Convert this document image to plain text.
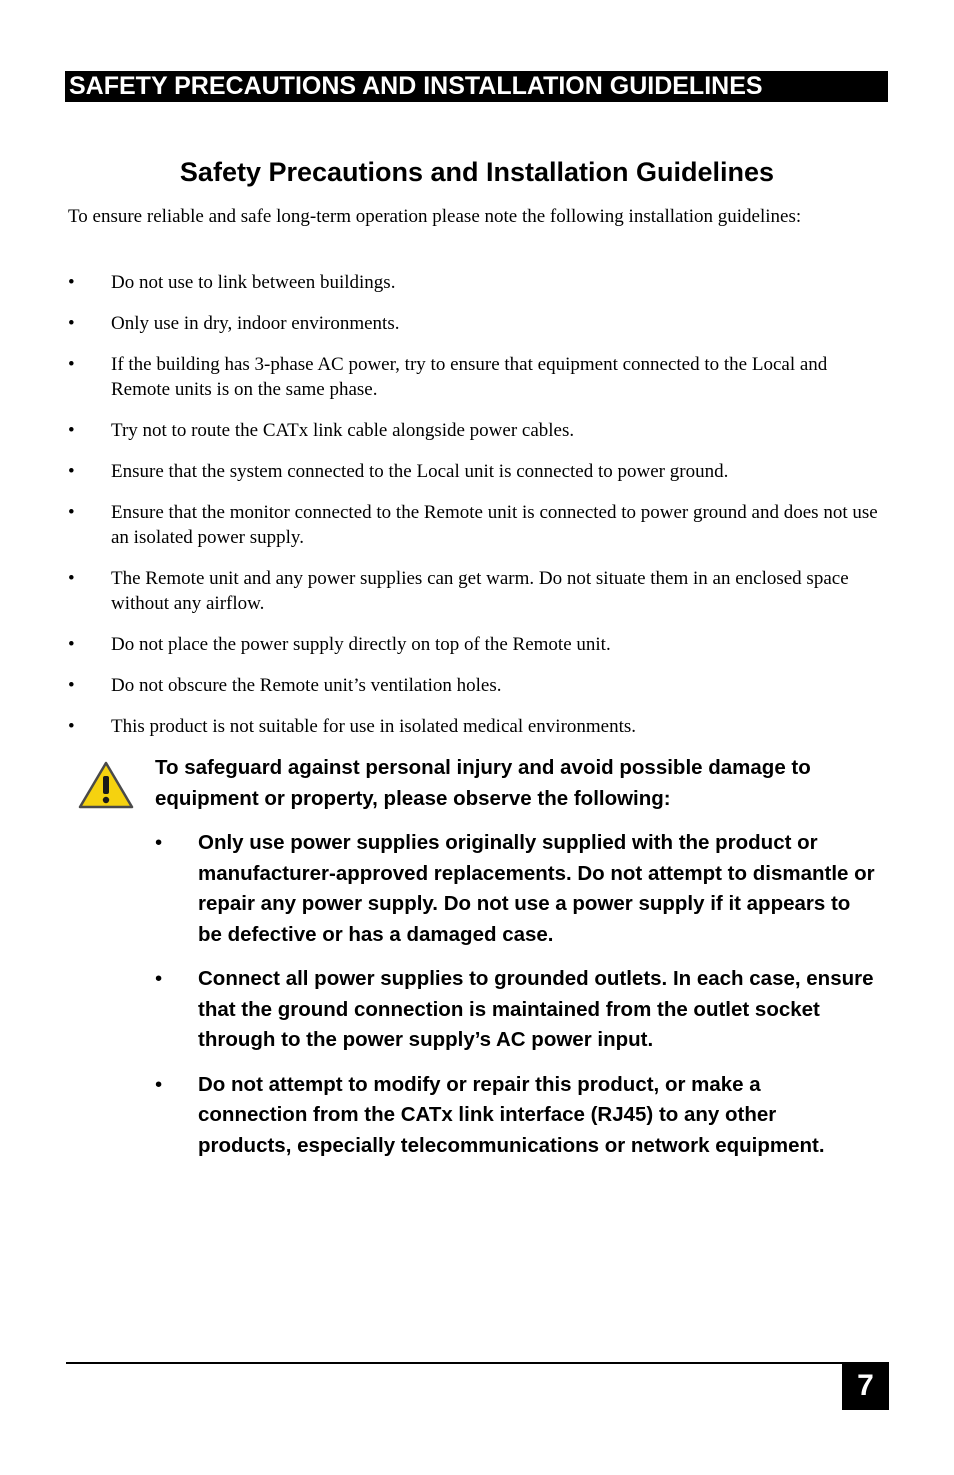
SAFETY PRECAUTIONS AND INSTALLATION GUIDELINES
Safety Precautions and Installation Guidelines

To ensure reliable and safe long-term operation please note the following installation guidelines:

• Do not use to link between buildings.
• Only use in dry, indoor environments.
• If the building has 3-phase AC power, try to ensure that equipment connected to the Local and Remote units is on the same phase.
• Try not to route the CATx link cable alongside power cables.
• Ensure that the system connected to the Local unit is connected to power ground.
• Ensure that the monitor connected to the Remote unit is connected to power ground and does not use an isolated power supply.
• The Remote unit and any power supplies can get warm. Do not situate them in an enclosed space without any airflow.
• Do not place the power supply directly on top of the Remote unit.
• Do not obscure the Remote unit’s ventilation holes.
• This product is not suitable for use in isolated medical environments.

To safeguard against personal injury and avoid possible damage to equipment or property, please observe the following:

• Only use power supplies originally supplied with the product or manufacturer-approved replacements. Do not attempt to dismantle or repair any power supply. Do not use a power supply if it appears to be defective or has a damaged case.
• Connect all power supplies to grounded outlets. In each case, ensure that the ground connection is maintained from the outlet socket through to the power supply’s AC power input.
• Do not attempt to modify or repair this product, or make a connection from the CATx link interface (RJ45) to any other products, especially telecommunications or network equipment.
7
